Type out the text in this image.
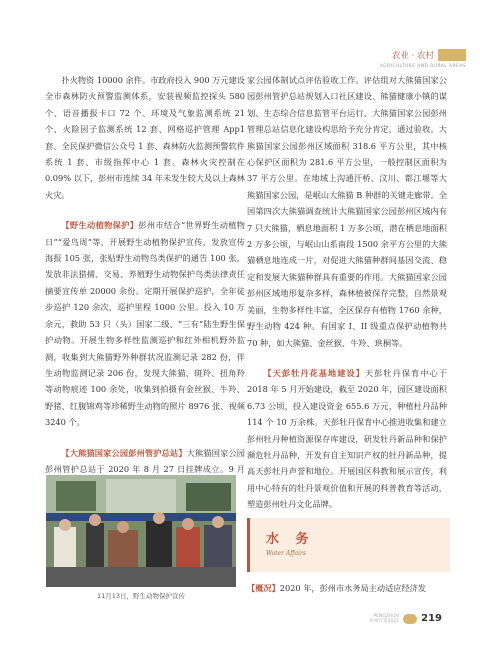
农业 · 农村
AGRICULTURE AND RURAL AREAS

扑火物资 10000 余件。市政府投入 900 万元建设全市森林防火预警监测体系，安装视频监控探头 580 个、语音播报卡口 72 个、环境及气象监测系统 21 个、火险因子监测系统 12 套、网格巡护管理 App1 套、全民保护微信公众号 1 套、森林防火监测预警软件系统 1 套、市级指挥中心 1 套。森林火灾控制在 0.09% 以下，彭州市连续 34 年未发生较大及以上森林火灾。

【野生动植物保护】彭州市结合“世界野生动植物日”“爱鸟周”等，开展野生动植物保护宣传，发放宣传海报 105 张，张贴野生动物鸟类保护的通告 100 张，发放非法猎捕、交易、养殖野生动物保护鸟类法律责任摘要宣传单 20000 余份。定期开展保护巡护，全年徒步巡护 120 余次，巡护里程 1000 公里。投入 10 万余元，救助 53 只（头）国家二级、“三有”陆生野生保护动物。开展生物多样性监测巡护和红外相机野外监测，收集到大熊猫野外种群状况监测记录 282 份，伴生动物监测记录 206 份，发现大熊猫、斑羚、扭角羚等动物痕迹 100 余处，收集到拍摄有金丝猴、牛羚、野猪、红腹锦鸡等珍稀野生动物的照片 8976 张、视频 3240 个。

【大熊猫国家公园彭州管护总站】大熊猫国家公园彭州管护总站于 2020 年 8 月 27 日挂牌成立。9 月

11月13日，野生动物保护宣传

家公园体制试点评估验收工作。评估组对大熊猫国家公园彭州管护总站规划入口社区建设、熊猫健康小镇的谋划、生态综合信息监管平台运行、大熊猫国家公园彭州管理总站信息化建设构思给予充分肯定，通过验收。大熊猫国家公园彭州区域面积 318.6 平方公里，其中核心保护区面积为 281.6 平方公里，一般控制区面积为 37 平方公里。在地域上沟通汗桥、汶川、都江堰等大熊猫国家公园，是岷山大熊猫 B 种群的关键走廊带。全国第四次大熊猫调查统计大熊猫国家公园彭州区域内有 7 只大熊猫，栖息地面积 1 万多公顷，潜在栖息地面积 2 万多公顷，与岷山山系南段 1500 余平方公里的大熊猫栖息地连成一片，对促进大熊猫种群间基因交流、稳定和发展大熊猫种群具有重要的作用。大熊猫国家公园彭州区域地形复杂多样，森林植被保存完整，自然景观美丽，生物多样性丰富，全区保存有植物 1760 余种，野生动物 424 种。有国家 I、II 级重点保护动植物共 70 种，如大熊猫、金丝猴、牛羚、珙桐等。

【天彭牡丹花基地建设】天彭牡丹保育中心于 2018 年 5 月开始建设，截至 2020 年，园区建设面积 6.73 公顷，投入建设资金 655.6 万元，种植杜丹品种 114 个 10 万余株。天彭牡丹保育中心推进收集和建立彭州牡丹种植资源保存库建设，研发牡丹新品种和保护濒危牡丹品种，开发有自主知识产权的牡丹新品种，提高天彭牡丹声誉和地位。开展国区科教和展示宣传，利用中心特有的牡丹景观价值和开展的科普教育等活动，塑造彭州牡丹文化品牌。

水 务
Water Affairs
【概况】2020 年，彭州市水务局主动适应经济发
PENGZHOU
彭州年鉴2021 219
